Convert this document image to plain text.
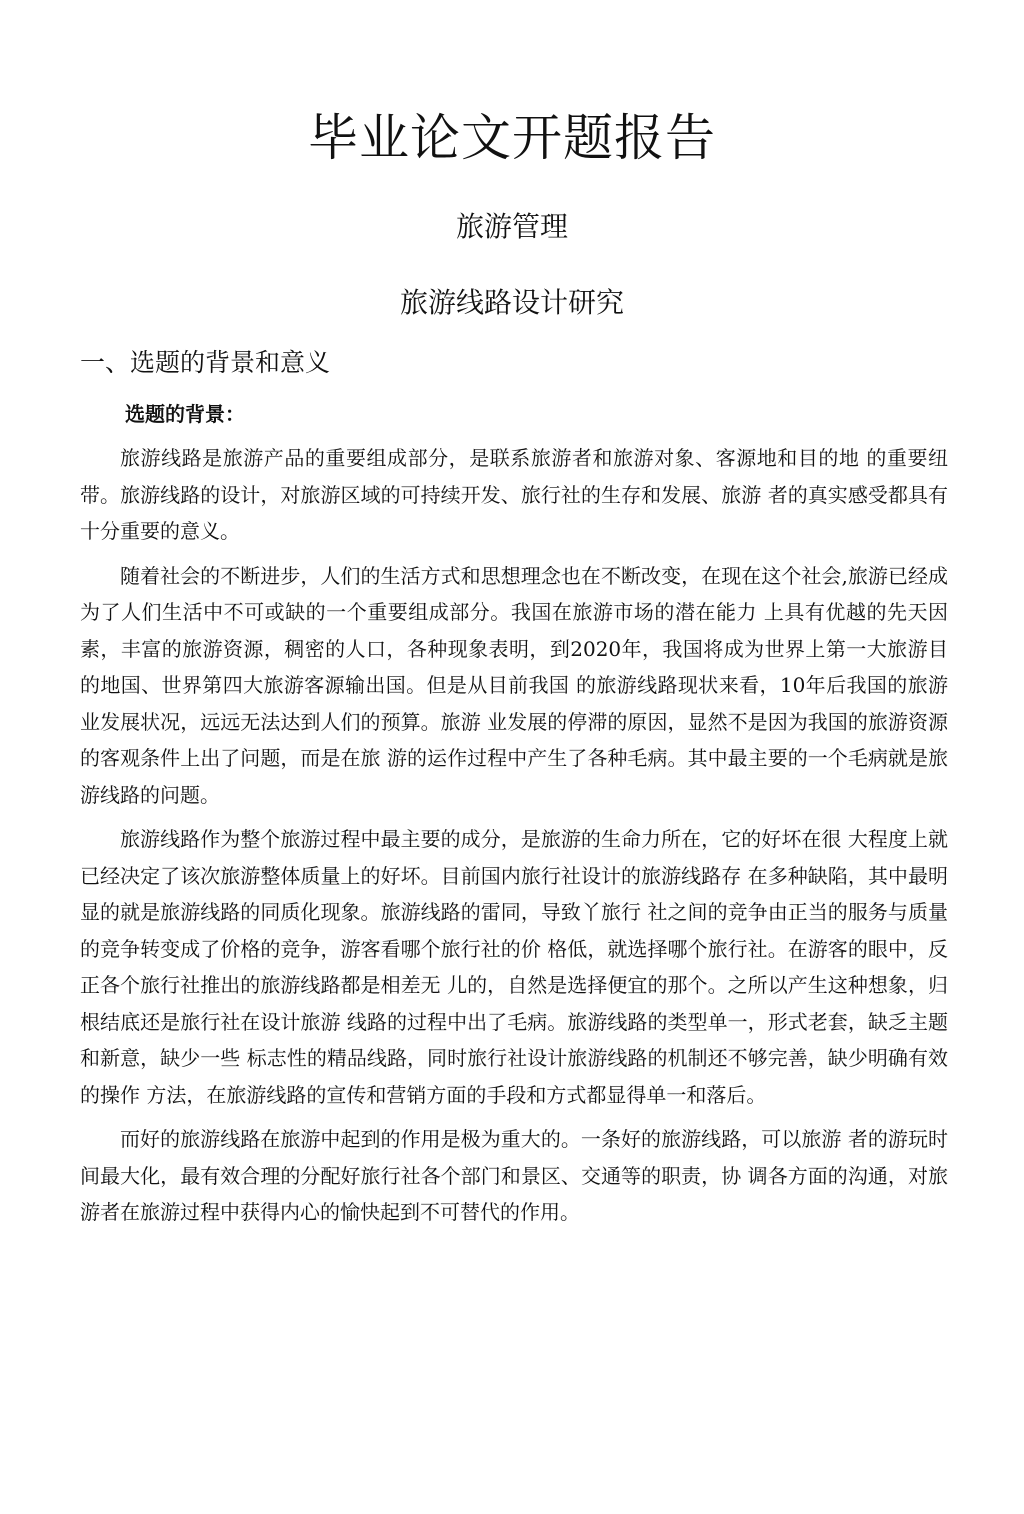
毕业论文开题报告
旅游管理
旅游线路设计研究
一、选题的背景和意义
选题的背景：

旅游线路是旅游产品的重要组成部分，是联系旅游者和旅游对象、客源地和目的地 的重要纽带。旅游线路的设计，对旅游区域的可持续开发、旅行社的生存和发展、旅游 者的真实感受都具有十分重要的意义。

随着社会的不断进步，人们的生活方式和思想理念也在不断改变，在现在这个社会,旅游已经成为了人们生活中不可或缺的一个重要组成部分。我国在旅游市场的潜在能力 上具有优越的先天因素，丰富的旅游资源，稠密的人口，各种现象表明，到2020年，我国将成为世界上第一大旅游目的地国、世界第四大旅游客源输出国。但是从目前我国 的旅游线路现状来看，10年后我国的旅游业发展状况，远远无法达到人们的预算。旅游 业发展的停滞的原因，显然不是因为我国的旅游资源的客观条件上出了问题，而是在旅 游的运作过程中产生了各种毛病。其中最主要的一个毛病就是旅游线路的问题。

旅游线路作为整个旅游过程中最主要的成分，是旅游的生命力所在，它的好坏在很 大程度上就已经决定了该次旅游整体质量上的好坏。目前国内旅行社设计的旅游线路存 在多种缺陷，其中最明显的就是旅游线路的同质化现象。旅游线路的雷同，导致丫旅行 社之间的竞争由正当的服务与质量的竞争转变成了价格的竞争，游客看哪个旅行社的价 格低，就选择哪个旅行社。在游客的眼中，反正各个旅行社推出的旅游线路都是相差无 儿的，自然是选择便宜的那个。之所以产生这种想象，归根结底还是旅行社在设计旅游 线路的过程中出了毛病。旅游线路的类型单一，形式老套，缺乏主题和新意，缺少一些 标志性的精品线路，同时旅行社设计旅游线路的机制还不够完善，缺少明确有效的操作 方法，在旅游线路的宣传和营销方面的手段和方式都显得单一和落后。

而好的旅游线路在旅游中起到的作用是极为重大的。一条好的旅游线路，可以旅游 者的游玩时间最大化，最有效合理的分配好旅行社各个部门和景区、交通等的职责，协 调各方面的沟通，对旅游者在旅游过程中获得内心的愉快起到不可替代的作用。
